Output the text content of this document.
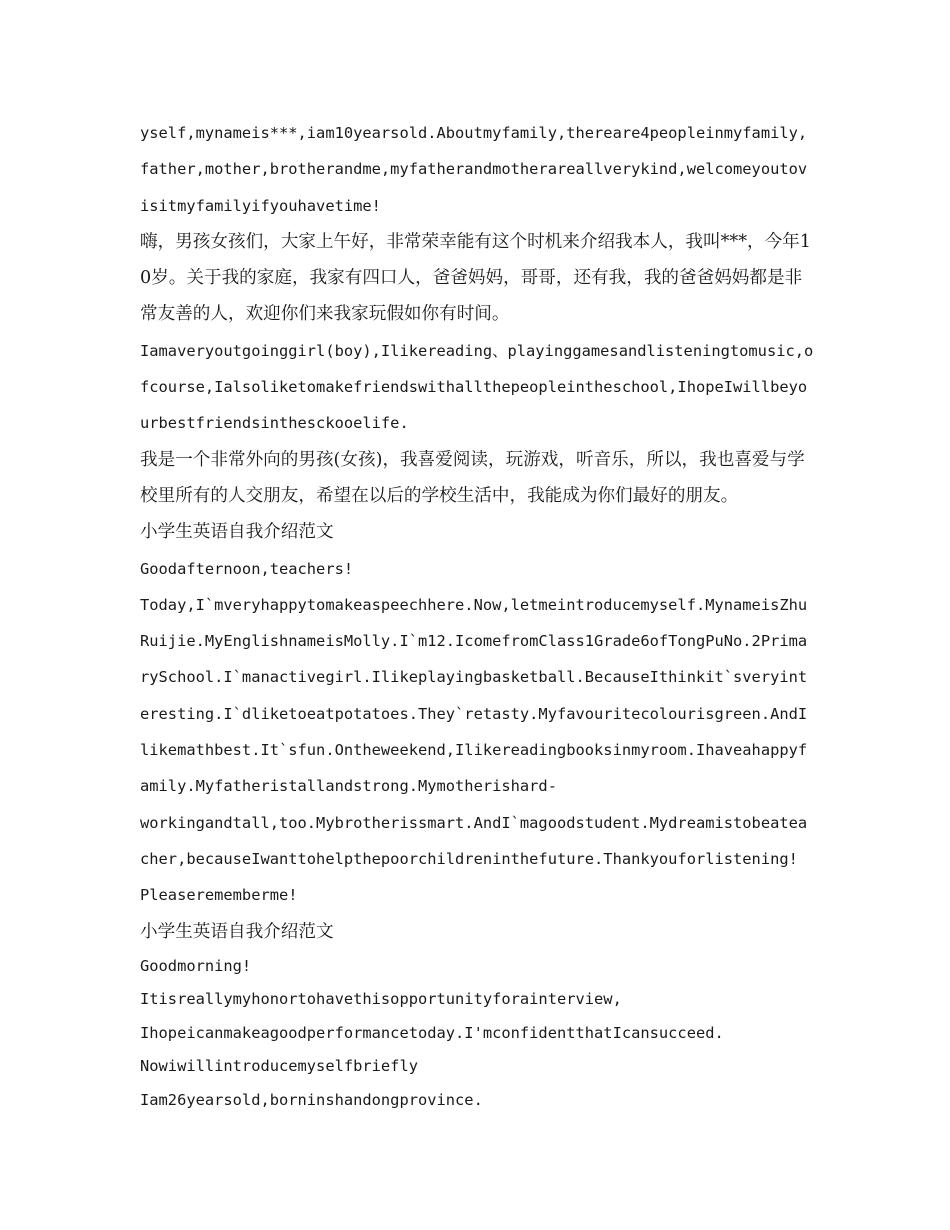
yself,mynameis***,iam10yearsold.Aboutmyfamily,thereare4peopleinmyfamily,father,mother,brotherandme,myfatherandmotherareallverykind,welcomeyoutovisitmyfamilyifyouhavetime!

嗨，男孩女孩们，大家上午好，非常荣幸能有这个时机来介绍我本人，我叫***，今年10岁。关于我的家庭，我家有四口人，爸爸妈妈，哥哥，还有我，我的爸爸妈妈都是非常友善的人，欢迎你们来我家玩假如你有时间。

Iamaveryoutgoinggirl(boy),Ilikereading、playinggamesandlisteningtomusic,ofcourse,Ialsoliketomakefriendswithallthepeopleintheschool,IhopeIwillbeyourbestfriendsinthesckooelife.

我是一个非常外向的男孩(女孩)，我喜爱阅读，玩游戏，听音乐，所以，我也喜爱与学校里所有的人交朋友，希望在以后的学校生活中，我能成为你们最好的朋友。

小学生英语自我介绍范文

Goodafternoon,teachers!

Today,I`mveryhappytomakeaspeechhere.Now,letmeintroducemyself.MynameisZhuRuijie.MyEnglishnameisMolly.I`m12.IcomefromClass1Grade6ofTongPuNo.2PrimarySchool.I`manactivegirl.Ilikeplayingbasketball.BecauseIthinkit`sveryinteresting.I`dliketoeatpotatoes.They`retasty.Myfavouritecolourisgreen.AndIlikemathbest.It`sfun.Ontheweekend,Ilikereadingbooksinmyroom.Ihaveahappyfamily.Myfatheristallandstrong.Mymotherishard-

workingandtall,too.Mybrotherissmart.AndI`magoodstudent.Mydreamistobeateacher,becauseIwanttohelpthepoorchildreninthefuture.Thankyouforlistening!

Pleaserememberme!

小学生英语自我介绍范文

Goodmorning!

Itisreallymyhonortohavethisopportunityforainterview,

Ihopeicanmakeagoodperformancetoday.I'mconfidentthatIcansucceed.

Nowiwillintroducemyselfbriefly

Iam26yearsold,borninshandongprovince.
